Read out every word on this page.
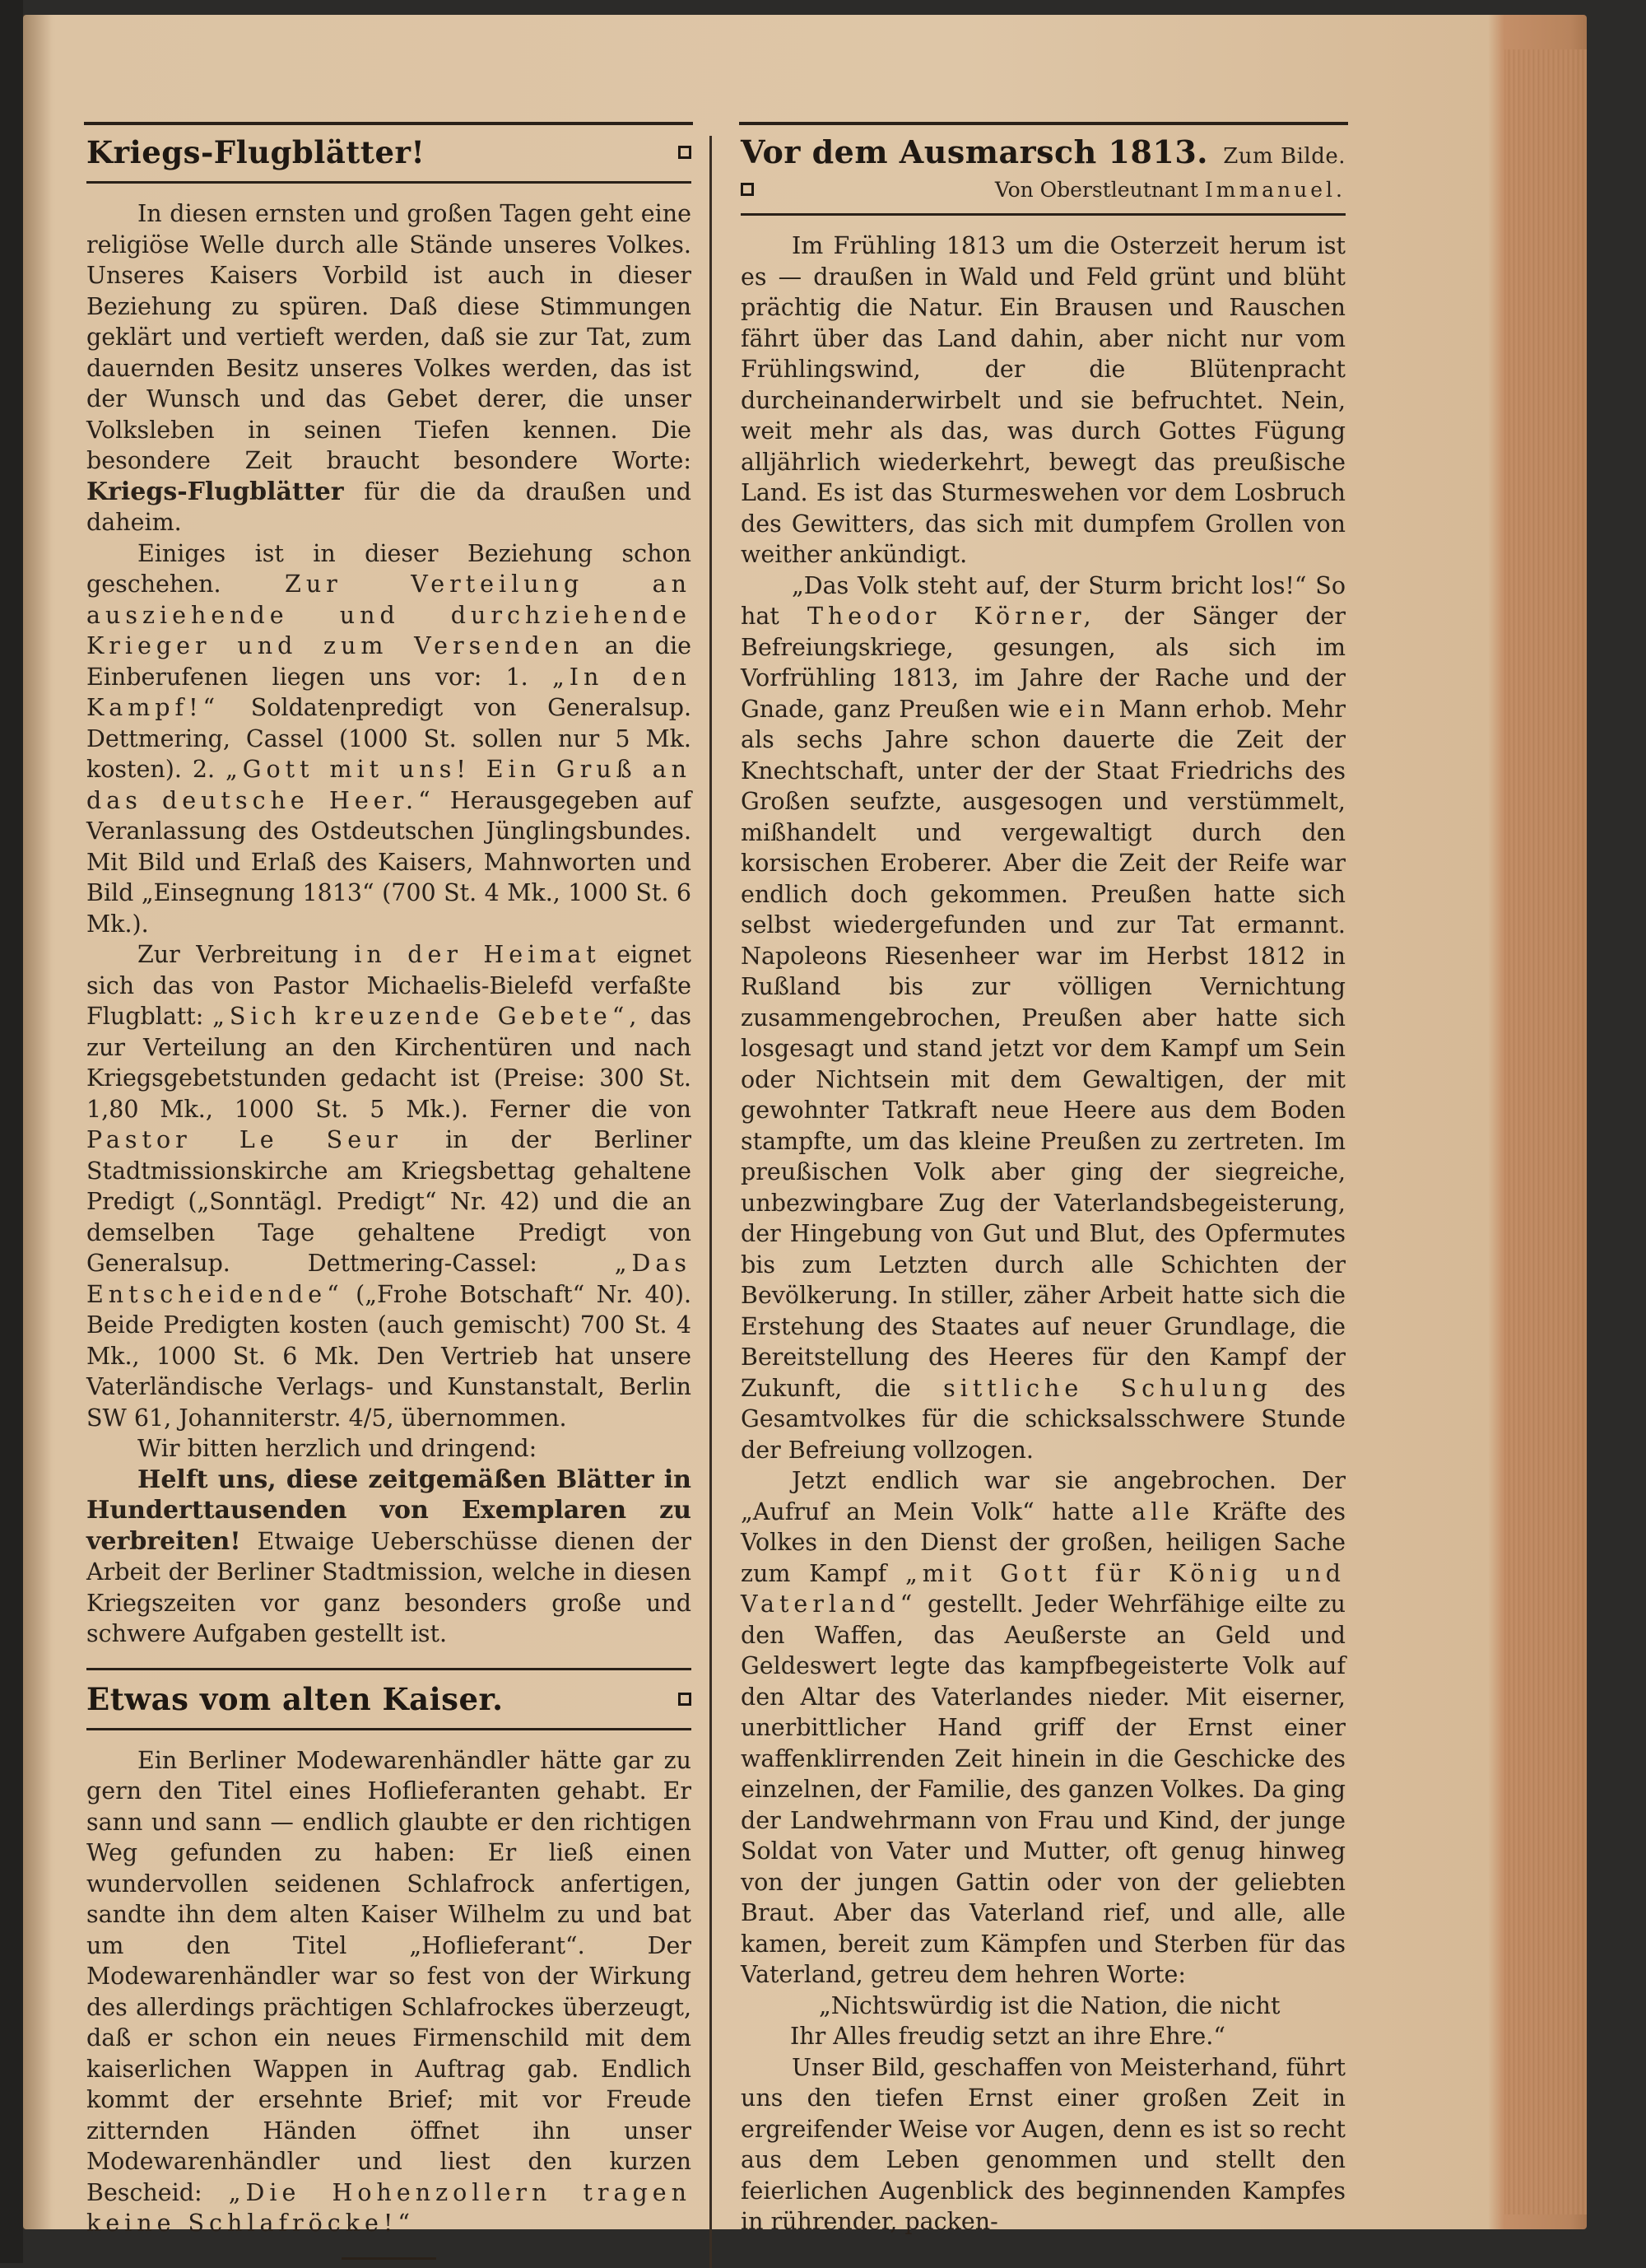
Kriegs-Flugblätter!

In diesen ernsten und großen Tagen geht eine religiöse Welle durch alle Stände unseres Volkes. Unseres Kaisers Vorbild ist auch in dieser Beziehung zu spüren. Daß diese Stimmungen geklärt und vertieft werden, daß sie zur Tat, zum dauernden Besitz unseres Volkes werden, das ist der Wunsch und das Gebet derer, die unser Volksleben in seinen Tiefen kennen. Die besondere Zeit braucht besondere Worte: Kriegs-Flugblätter für die da draußen und daheim.

Einiges ist in dieser Beziehung schon geschehen.	Zur Verteilung an ausziehende und durchziehende Krieger und zum Versenden an die Einberufenen liegen uns vor: 1. „In den Kampf!“ Soldatenpredigt von Generalsup. Dettmering, Cassel (1000 St. sollen nur 5 Mk. kosten). 2. „Gott mit uns! Ein Gruß an das deutsche Heer.“ Herausgegeben auf Veranlassung des Ostdeutschen Jünglingsbundes. Mit Bild und Erlaß des Kaisers, Mahnworten und Bild „Einsegnung 1813“ (700 St. 4 Mk., 1000 St. 6 Mk.).

Zur Verbreitung in der Heimat eignet sich das von Pastor Michaelis-Bielefd verfaßte Flugblatt: „Sich kreuzende Gebete“, das zur Verteilung an den Kirchentüren und nach Kriegsgebetstunden gedacht ist (Preise: 300 St. 1,80 Mk., 1000 St. 5 Mk.). Ferner die von Pastor Le Seur in der Berliner Stadtmissionskirche am Kriegsbettag gehaltene Predigt („Sonntägl. Predigt“ Nr. 42) und die an demselben Tage gehaltene Predigt von Generalsup. Dettmering-Cassel:	„Das Entscheidende“ („Frohe Botschaft“ Nr. 40). Beide Predigten kosten (auch gemischt) 700 St. 4 Mk., 1000 St. 6 Mk. Den Vertrieb hat unsere Vaterländische Verlags- und Kunstanstalt, Berlin SW 61, Johanniterstr. 4/5, übernommen.

Wir bitten herzlich und dringend:

Helft uns, diese zeitgemäßen Blätter in Hunderttausenden von Exemplaren zu verbreiten! Etwaige Ueberschüsse dienen der Arbeit der Berliner Stadtmission, welche in diesen Kriegszeiten vor ganz besonders große und schwere Aufgaben gestellt ist.

Etwas vom alten Kaiser.

Ein Berliner Modewarenhändler hätte gar zu gern den Titel eines Hoflieferanten gehabt. Er sann und sann — endlich glaubte er den richtigen Weg gefunden zu haben: Er ließ einen wundervollen seidenen Schlafrock anfertigen, sandte ihn dem alten Kaiser Wilhelm zu und bat um den Titel „Hoflieferant“. Der Modewarenhändler war so fest von der Wirkung des allerdings prächtigen Schlafrockes überzeugt, daß er schon ein neues Firmenschild mit dem kaiserlichen Wappen in Auftrag gab. Endlich kommt der ersehnte Brief; mit vor Freude zitternden Händen öffnet ihn unser Modewarenhändler und liest den kurzen Bescheid: „Die Hohenzollern tragen keine Schlafröcke!“

Vor dem Ausmarsch 1813. Zum Bilde.
Von Oberstleutnant Immanuel.

Im Frühling 1813 um die Osterzeit herum ist es — draußen in Wald und Feld grünt und blüht prächtig die Natur. Ein Brausen und Rauschen fährt über das Land dahin, aber nicht nur vom Frühlingswind, der die Blütenpracht durcheinanderwirbelt und sie befruchtet. Nein, weit mehr als das, was durch Gottes Fügung alljährlich wiederkehrt, bewegt das preußische Land. Es ist das Sturmeswehen vor dem Losbruch des Gewitters, das sich mit dumpfem Grollen von weither ankündigt.

„Das Volk steht auf, der Sturm bricht los!“ So hat Theodor Körner, der Sänger der Befreiungskriege, gesungen, als sich im Vorfrühling 1813, im Jahre der Rache und der Gnade, ganz Preußen wie ein Mann erhob. Mehr als sechs Jahre schon dauerte die Zeit der Knechtschaft, unter der der Staat Friedrichs des Großen seufzte, ausgesogen und verstümmelt, mißhandelt und vergewaltigt durch den korsischen Eroberer. Aber die Zeit der Reife war endlich doch gekommen. Preußen hatte sich selbst wiedergefunden und zur Tat ermannt. Napoleons Riesenheer war im Herbst 1812 in Rußland bis zur völligen Vernichtung zusammengebrochen, Preußen aber hatte sich losgesagt und stand jetzt vor dem Kampf um Sein oder Nichtsein mit dem Gewaltigen, der mit gewohnter Tatkraft neue Heere aus dem Boden stampfte, um das kleine Preußen zu zertreten. Im preußischen Volk aber ging der siegreiche, unbezwingbare Zug der Vaterlandsbegeisterung, der Hingebung von Gut und Blut, des Opfermutes bis zum Letzten durch alle Schichten der Bevölkerung. In stiller, zäher Arbeit hatte sich die Erstehung des Staates auf neuer Grundlage, die Bereitstellung des Heeres für den Kampf der Zukunft, die sittliche Schulung des Gesamtvolkes für die schicksalsschwere Stunde der Befreiung vollzogen.

Jetzt endlich war sie angebrochen. Der „Aufruf an Mein Volk“ hatte alle Kräfte des Volkes in den Dienst der großen, heiligen Sache zum Kampf „mit Gott für König und Vaterland“ gestellt. Jeder Wehrfähige eilte zu den Waffen, das Aeußerste an Geld und Geldeswert legte das kampfbegeisterte Volk auf den Altar des Vaterlandes nieder. Mit eiserner, unerbittlicher Hand griff der Ernst einer waffenklirrenden Zeit hinein in die Geschicke des einzelnen, der Familie, des ganzen Volkes. Da ging der Landwehrmann von Frau und Kind, der junge Soldat von Vater und Mutter, oft genug hinweg von der jungen Gattin oder von der geliebten Braut. Aber das Vaterland rief, und alle, alle kamen, bereit zum Kämpfen und Sterben für das Vaterland, getreu dem hehren Worte:

„Nichtswürdig ist die Nation, die nicht

Ihr Alles freudig setzt an ihre Ehre.“

Unser Bild, geschaffen von Meisterhand, führt uns den tiefen Ernst einer großen Zeit in ergreifender Weise vor Augen, denn es ist so recht aus dem Leben genommen und stellt den feierlichen Augenblick des beginnenden Kampfes in rührender, packen-
